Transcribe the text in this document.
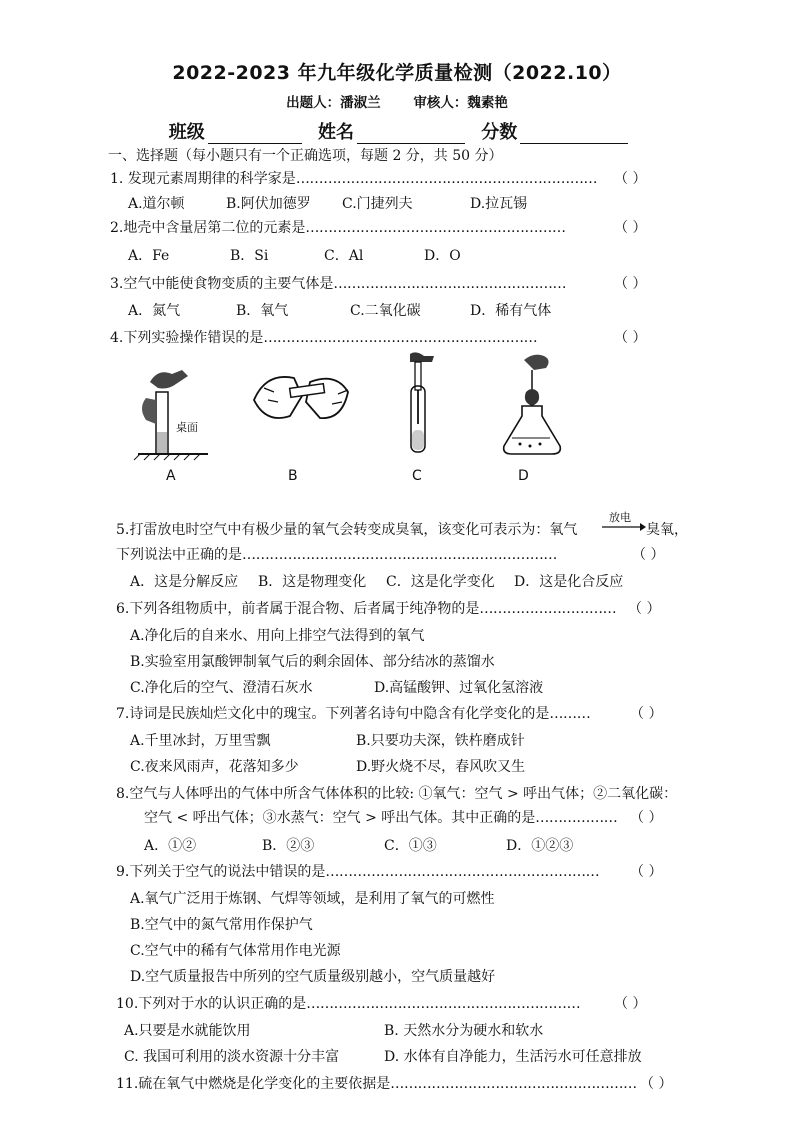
2022-2023 年九年级化学质量检测（2022.10）
出题人：潘淑兰 审核人：魏素艳
班级	姓名	分数
一、选择题（每小题只有一个正确选项，每题 2 分，共 50 分）
1. 发现元素周期律的科学家是…………………………………………………………	（ ）
A.道尔顿	B.阿伏加德罗 C.门捷列夫	D.拉瓦锡
2.地壳中含量居第二位的元素是…………………………………………………	（ ）
A．Fe	B．Si	C．Al	D．O
3.空气中能使食物变质的主要气体是……………………………………………	（ ）
A．氮气	B．氧气	C.二氧化碳	D．稀有气体
4.下列实验操作错误的是……………………………………………………	（ ）
桌面
A	B	C	D
5.打雷放电时空气中有极少量的氧气会转变成臭氧，该变化可表示为：氧气
放电
臭氧，
下列说法中正确的是……………………………………………………………	（ ）
A．这是分解反应 B．这是物理变化 C．这是化学变化 D．这是化合反应
6.下列各组物质中，前者属于混合物、后者属于纯净物的是………………………… （ ）
A.净化后的自来水、用向上排空气法得到的氧气
B.实验室用氯酸钾制氧气后的剩余固体、部分结冰的蒸馏水
C.净化后的空气、澄清石灰水	D.高锰酸钾、过氧化氢溶液
7.诗词是民族灿烂文化中的瑰宝。下列著名诗句中隐含有化学变化的是………	（ ）
A.千里冰封，万里雪飘	B.只要功夫深，铁杵磨成针
C.夜来风雨声，花落知多少	D.野火烧不尽，春风吹又生
8.空气与人体呼出的气体中所含气体体积的比较: ①氧气：空气 > 呼出气体；②二氧化碳：
空气 < 呼出气体；③水蒸气：空气 > 呼出气体。其中正确的是……………… （ ）
A．①②	B．②③	C．①③	D．①②③
9.下列关于空气的说法中错误的是……………………………………………………	（ ）
A.氧气广泛用于炼钢、气焊等领域，是利用了氧气的可燃性
B.空气中的氮气常用作保护气
C.空气中的稀有气体常用作电光源
D.空气质量报告中所列的空气质量级别越小，空气质量越好
10.下列对于水的认识正确的是……………………………………………………	（ ）
A.只要是水就能饮用	B. 天然水分为硬水和软水
C. 我国可利用的淡水资源十分丰富	D. 水体有自净能力，生活污水可任意排放
11.硫在氧气中燃烧是化学变化的主要依据是……………………………………………… （ ）
